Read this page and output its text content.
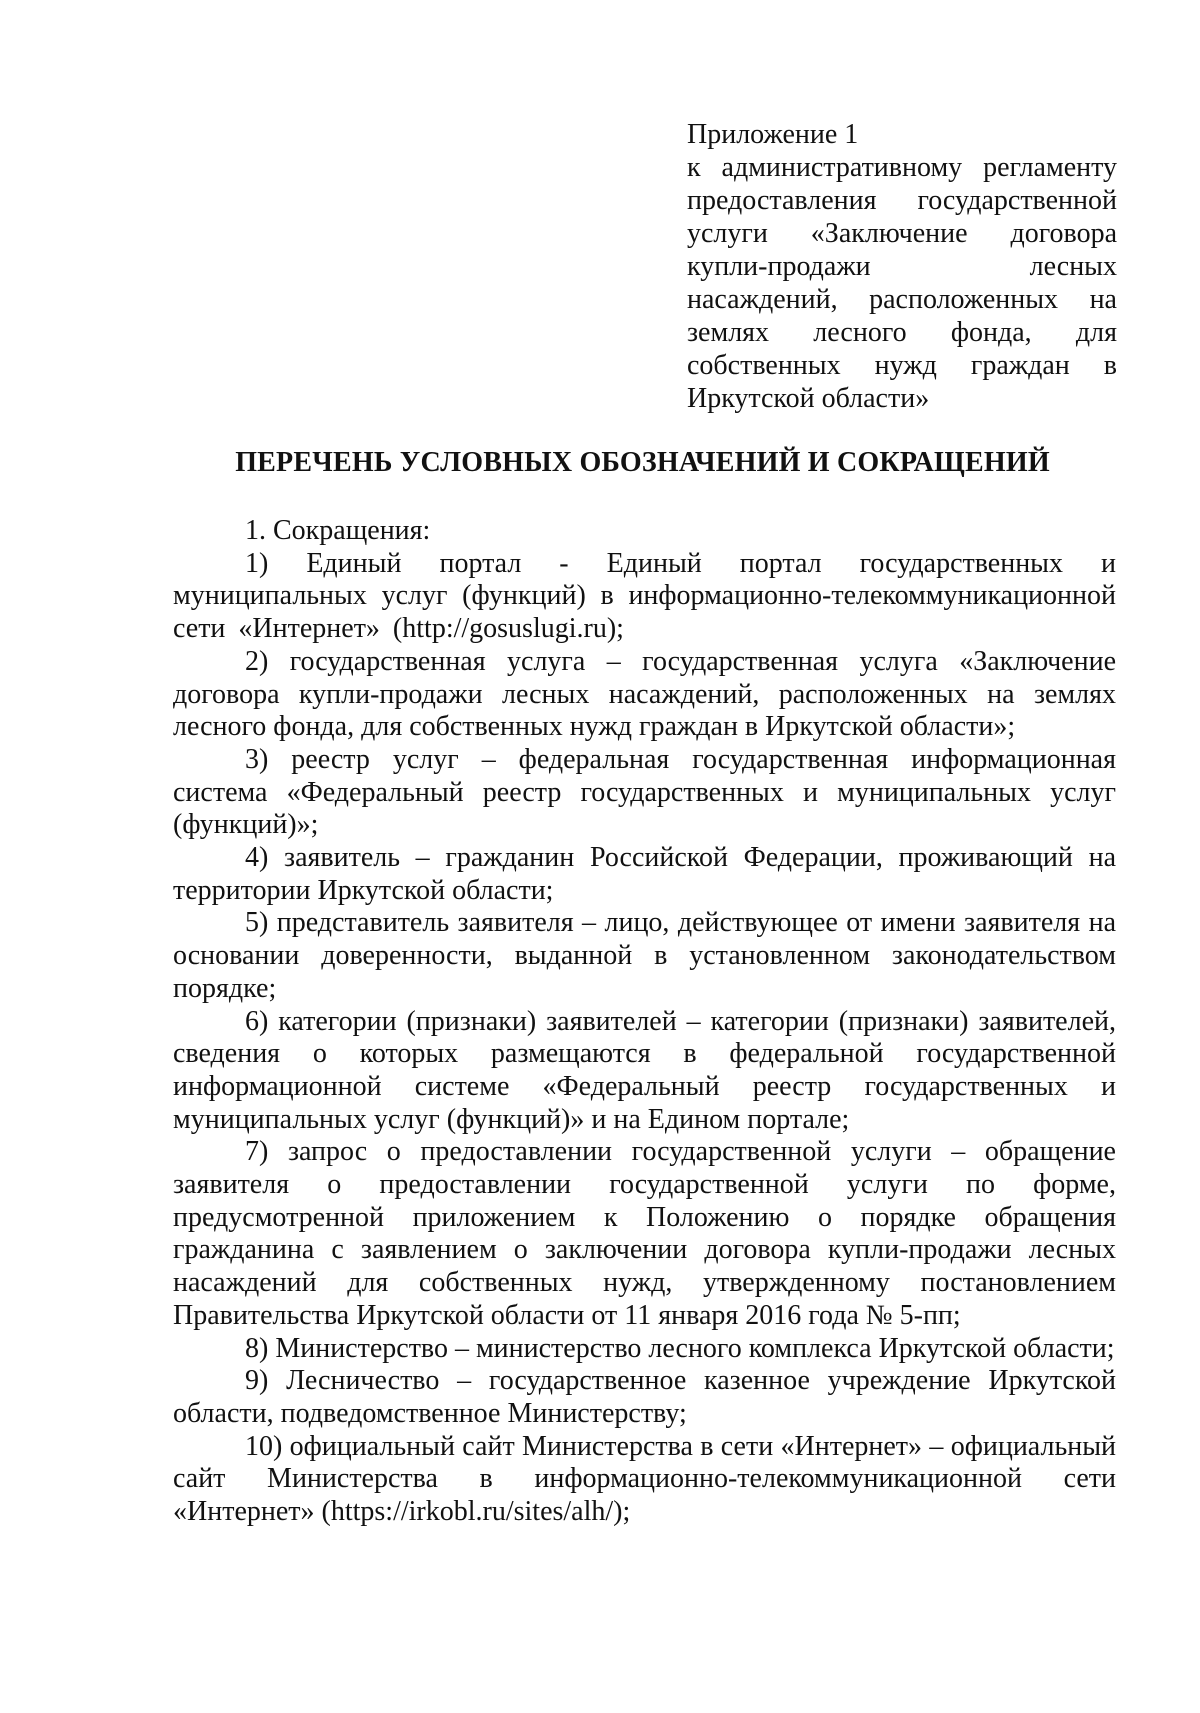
Приложение 1
к административному регламенту
предоставления государственной
услуги «Заключение договора
купли-продажи лесных
насаждений, расположенных на
землях лесного фонда, для
собственных нужд граждан в
Иркутской области»
ПЕРЕЧЕНЬ УСЛОВНЫХ ОБОЗНАЧЕНИЙ И СОКРАЩЕНИЙ

1. Сокращения:

1) Единый портал - Единый портал государственных и муниципальных услуг (функций) в информационно-телекоммуникационной сети «Интернет» (http://gosuslugi.ru);

2) государственная услуга – государственная услуга «Заключение договора купли-продажи лесных насаждений, расположенных на землях лесного фонда, для собственных нужд граждан в Иркутской области»;

3) реестр услуг – федеральная государственная информационная система «Федеральный реестр государственных и муниципальных услуг (функций)»;

4) заявитель – гражданин Российской Федерации, проживающий на территории Иркутской области;

5) представитель заявителя – лицо, действующее от имени заявителя на основании доверенности, выданной в установленном законодательством порядке;

6) категории (признаки) заявителей – категории (признаки) заявителей, сведения о которых размещаются в федеральной государственной информационной системе «Федеральный реестр государственных и муниципальных услуг (функций)» и на Едином портале;

7) запрос о предоставлении государственной услуги – обращение заявителя о предоставлении государственной услуги по форме, предусмотренной приложением к Положению о порядке обращения гражданина с заявлением о заключении договора купли-продажи лесных насаждений для собственных нужд, утвержденному постановлением Правительства Иркутской области от 11 января 2016 года № 5-пп;

8) Министерство – министерство лесного комплекса Иркутской области;

9) Лесничество – государственное казенное учреждение Иркутской области, подведомственное Министерству;

10) официальный сайт Министерства в сети «Интернет» – официальный сайт Министерства в информационно-телекоммуникационной сети «Интернет» (https://irkobl.ru/sites/alh/);
